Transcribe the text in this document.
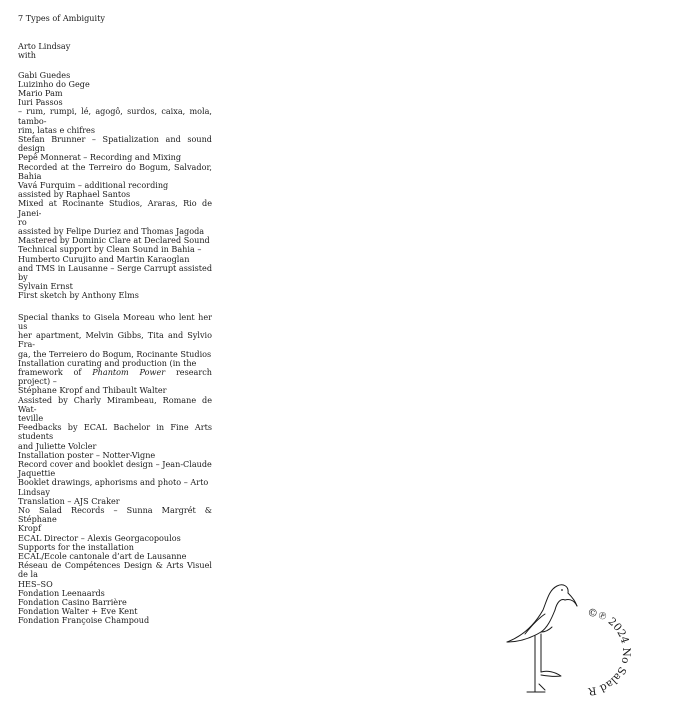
7 Types of Ambiguity

Arto Lindsay

with

Gabi Guedes
Luizinho do Gege
Mario Pam
Iuri Passos
– rum, rumpi, lé, agogô, surdos, caixa, mola, tambo-
rim, latas e chifres

Stefan Brunner – Spatialization and sound design

Pepê Monnerat – Recording and Mixing

Recorded at the Terreiro do Bogum, Salvador, Bahia
Vavá Furquim – additional recording
assisted by Raphael Santos

Mixed at Rocinante Studios, Araras, Rio de Janei-
ro
assisted by Felipe Duriez and Thomas Jagoda

Mastered by Dominic Clare at Declared Sound

Technical support by Clean Sound in Bahia –
Humberto Curujito and Martin Karaoglan

and TMS in Lausanne – Serge Carrupt assisted by
Sylvain Ernst

First sketch by Anthony Elms

Special thanks to Gisela Moreau who lent her us
her apartment, Melvin Gibbs, Tita and Sylvio Fra-
ga, the Terreiero do Bogum, Rocinante Studios

Installation curating and production (in the
framework of Phantom Power research project) –
Stéphane Kropf and Thibault Walter
Assisted by Charly Mirambeau, Romane de Wat-
teville

Feedbacks by ECAL Bachelor in Fine Arts students
and Juliette Volcler

Installation poster – Notter-Vigne

Record cover and booklet design – Jean-Claude
Jaquettie

Booklet drawings, aphorisms and photo – Arto
Lindsay

Translation – AJS Craker

No Salad Records – Sunna Margrét & Stéphane
Kropf

ECAL Director – Alexis Georgacopoulos

Supports for the installation
ECAL/Ecole cantonale d’art de Lausanne
Réseau de Compétences Design & Arts Visuel de la
HES–SO
Fondation Leenaards
Fondation Casino Barrière
Fondation Walter + Eve Kent
Fondation Françoise Champoud

©℗ 2024 No Salad R
